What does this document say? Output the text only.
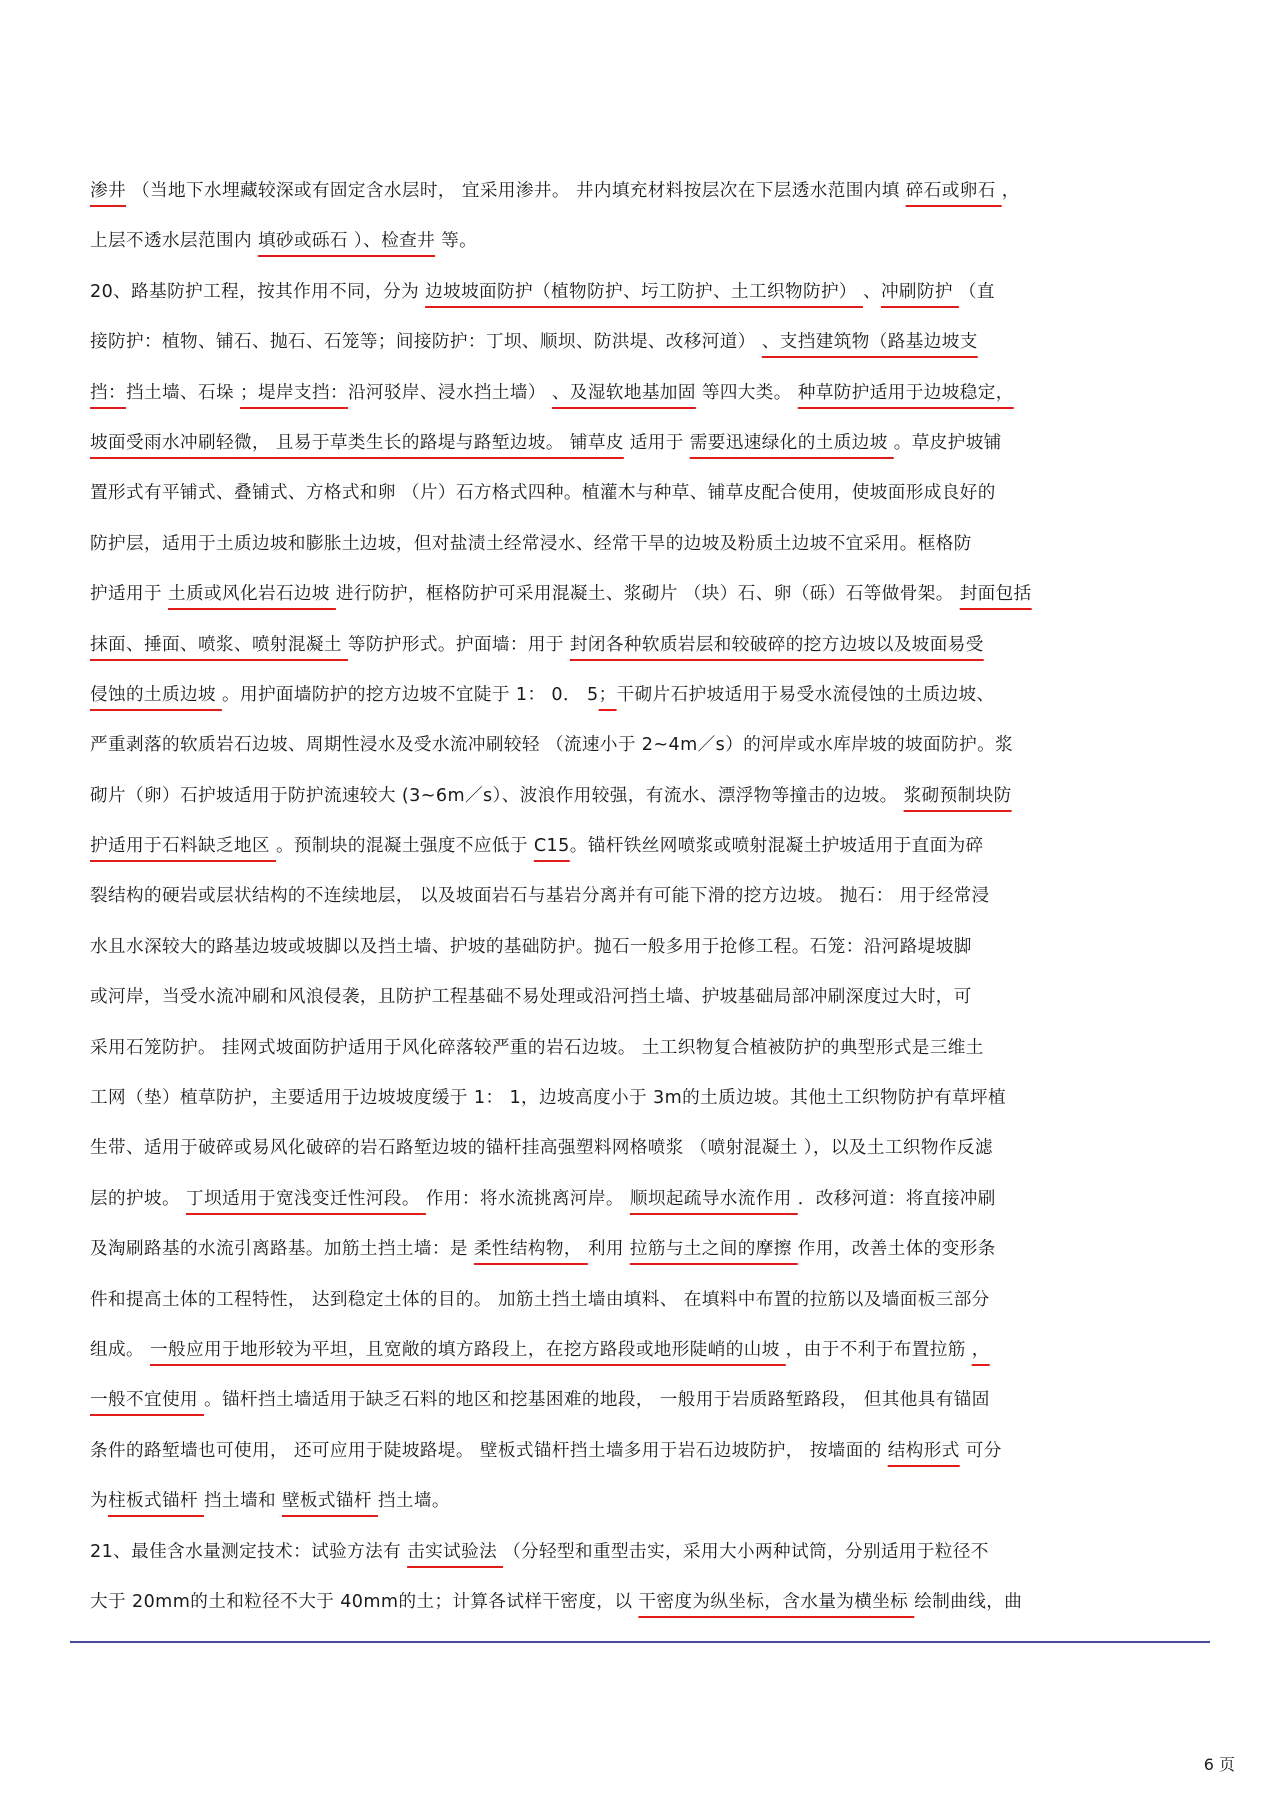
渗井 （当地下水埋藏较深或有固定含水层时， 宜采用渗井。 井内填充材料按层次在下层透水范围内填 碎石或卵石 ，
上层不透水层范围内 填砂或砾石 ）、检查井 等。
20、路基防护工程，按其作用不同，分为 边坡坡面防护（植物防护、圬工防护、土工织物防护） 、冲刷防护 （直
接防护：植物、铺石、抛石、石笼等；间接防护：丁坝、顺坝、防洪堤、改移河道） 、支挡建筑物（路基边坡支
挡：挡土墙、石垛 ；堤岸支挡：沿河驳岸、浸水挡土墙） 、及湿软地基加固 等四大类。 种草防护适用于边坡稳定，
坡面受雨水冲刷轻微， 且易于草类生长的路堤与路堑边坡。 铺草皮 适用于 需要迅速绿化的土质边坡 。草皮护坡铺
置形式有平铺式、叠铺式、方格式和卵 （片）石方格式四种。植灌木与种草、铺草皮配合使用，使坡面形成良好的
防护层，适用于土质边坡和膨胀土边坡，但对盐渍土经常浸水、经常干旱的边坡及粉质土边坡不宜采用。框格防
护适用于 土质或风化岩石边坡 进行防护，框格防护可采用混凝土、浆砌片 （块）石、卵（砾）石等做骨架。 封面包括
抹面、捶面、喷浆、喷射混凝土 等防护形式。护面墙：用于 封闭各种软质岩层和较破碎的挖方边坡以及坡面易受
侵蚀的土质边坡 。用护面墙防护的挖方边坡不宜陡于 1： 0． 5；干砌片石护坡适用于易受水流侵蚀的土质边坡、
严重剥落的软质岩石边坡、周期性浸水及受水流冲刷较轻 （流速小于 2~4m／s）的河岸或水库岸坡的坡面防护。浆
砌片（卵）石护坡适用于防护流速较大 (3~6m／s）、波浪作用较强，有流水、漂浮物等撞击的边坡。 浆砌预制块防
护适用于石料缺乏地区 。预制块的混凝土强度不应低于 C15。锚杆铁丝网喷浆或喷射混凝土护坡适用于直面为碎
裂结构的硬岩或层状结构的不连续地层， 以及坡面岩石与基岩分离并有可能下滑的挖方边坡。 抛石： 用于经常浸
水且水深较大的路基边坡或坡脚以及挡土墙、护坡的基础防护。抛石一般多用于抢修工程。石笼：沿河路堤坡脚
或河岸，当受水流冲刷和风浪侵袭，且防护工程基础不易处理或沿河挡土墙、护坡基础局部冲刷深度过大时，可
采用石笼防护。 挂网式坡面防护适用于风化碎落较严重的岩石边坡。 土工织物复合植被防护的典型形式是三维土
工网（垫）植草防护，主要适用于边坡坡度缓于 1： 1，边坡高度小于 3m的土质边坡。其他土工织物防护有草坪植
生带、适用于破碎或易风化破碎的岩石路堑边坡的锚杆挂高强塑料网格喷浆 （喷射混凝土 ），以及土工织物作反滤
层的护坡。 丁坝适用于宽浅变迁性河段。 作用：将水流挑离河岸。 顺坝起疏导水流作用 ．改移河道：将直接冲刷
及淘刷路基的水流引离路基。加筋土挡土墙：是 柔性结构物， 利用 拉筋与土之间的摩擦 作用，改善土体的变形条
件和提高土体的工程特性， 达到稳定土体的目的。 加筋土挡土墙由填料、 在填料中布置的拉筋以及墙面板三部分
组成。 一般应用于地形较为平坦，且宽敞的填方路段上，在挖方路段或地形陡峭的山坡 ，由于不利于布置拉筋 ，
一般不宜使用 。锚杆挡土墙适用于缺乏石料的地区和挖基困难的地段， 一般用于岩质路堑路段， 但其他具有锚固
条件的路堑墙也可使用， 还可应用于陡坡路堤。 壁板式锚杆挡土墙多用于岩石边坡防护， 按墙面的 结构形式 可分
为柱板式锚杆 挡土墙和 壁板式锚杆 挡土墙。
21、最佳含水量测定技术：试验方法有 击实试验法 （分轻型和重型击实，采用大小两种试筒，分别适用于粒径不
大于 20mm的土和粒径不大于 40mm的土；计算各试样干密度，以 干密度为纵坐标，含水量为横坐标 绘制曲线，曲
6 页
